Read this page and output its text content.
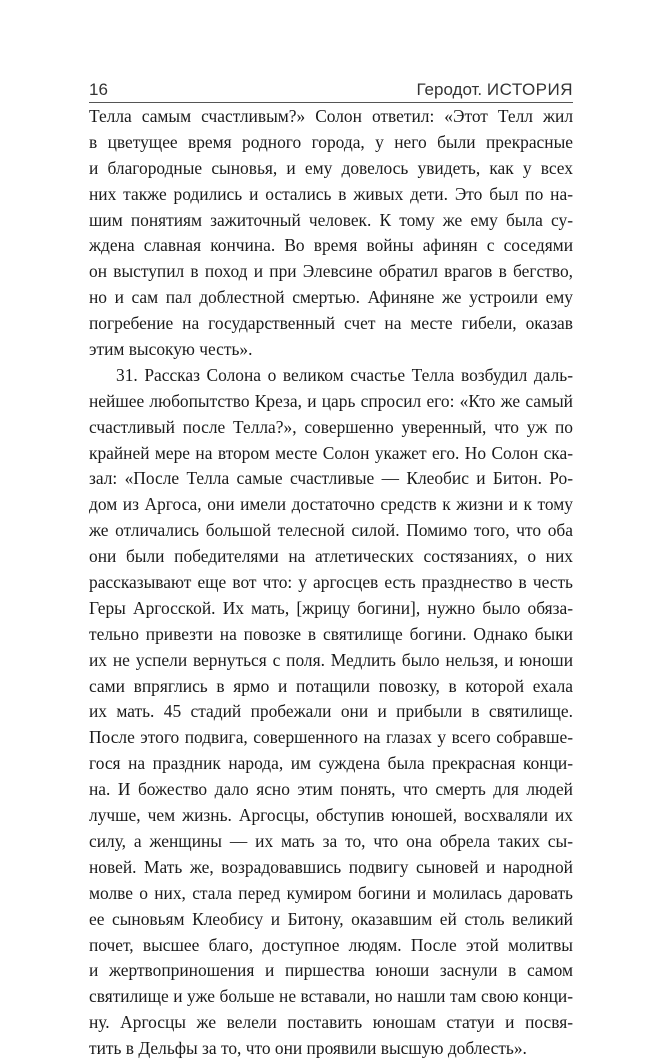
16	Геродот. ИСТОРИЯ
Телла самым счастливым?» Солон ответил: «Этот Телл жил
в цветущее время родного города, у него были прекрасные
и благородные сыновья, и ему довелось увидеть, как у всех
них также родились и остались в живых дети. Это был по на-
шим понятиям зажиточный человек. К тому же ему была су-
ждена славная кончина. Во время войны афинян с соседями
он выступил в поход и при Элевсине обратил врагов в бегство,
но и сам пал доблестной смертью. Афиняне же устроили ему
погребение на государственный счет на месте гибели, оказав
этим высокую честь».
31. Рассказ Солона о великом счастье Телла возбудил даль-
нейшее любопытство Креза, и царь спросил его: «Кто же самый
счастливый после Телла?», совершенно уверенный, что уж по
крайней мере на втором месте Солон укажет его. Но Солон ска-
зал: «После Телла самые счастливые — Клеобис и Битон. Ро-
дом из Аргоса, они имели достаточно средств к жизни и к тому
же отличались большой телесной силой. Помимо того, что оба
они были победителями на атлетических состязаниях, о них
рассказывают еще вот что: у аргосцев есть празднество в честь
Геры Аргосской. Их мать, [жрицу богини], нужно было обяза-
тельно привезти на повозке в святилище богини. Однако быки
их не успели вернуться с поля. Медлить было нельзя, и юноши
сами впряглись в ярмо и потащили повозку, в которой ехала
их мать. 45 стадий пробежали они и прибыли в святилище.
После этого подвига, совершенного на глазах у всего собравше-
гося на праздник народа, им суждена была прекрасная конци-
на. И божество дало ясно этим понять, что смерть для людей
лучше, чем жизнь. Аргосцы, обступив юношей, восхваляли их
силу, а женщины — их мать за то, что она обрела таких сы-
новей. Мать же, возрадовавшись подвигу сыновей и народной
молве о них, стала перед кумиром богини и молилась даровать
ее сыновьям Клеобису и Битону, оказавшим ей столь великий
почет, высшее благо, доступное людям. После этой молитвы
и жертвоприношения и пиршества юноши заснули в самом
святилище и уже больше не вставали, но нашли там свою конци-
ну. Аргосцы же велели поставить юношам статуи и посвя-
тить в Дельфы за то, что они проявили высшую доблесть».
